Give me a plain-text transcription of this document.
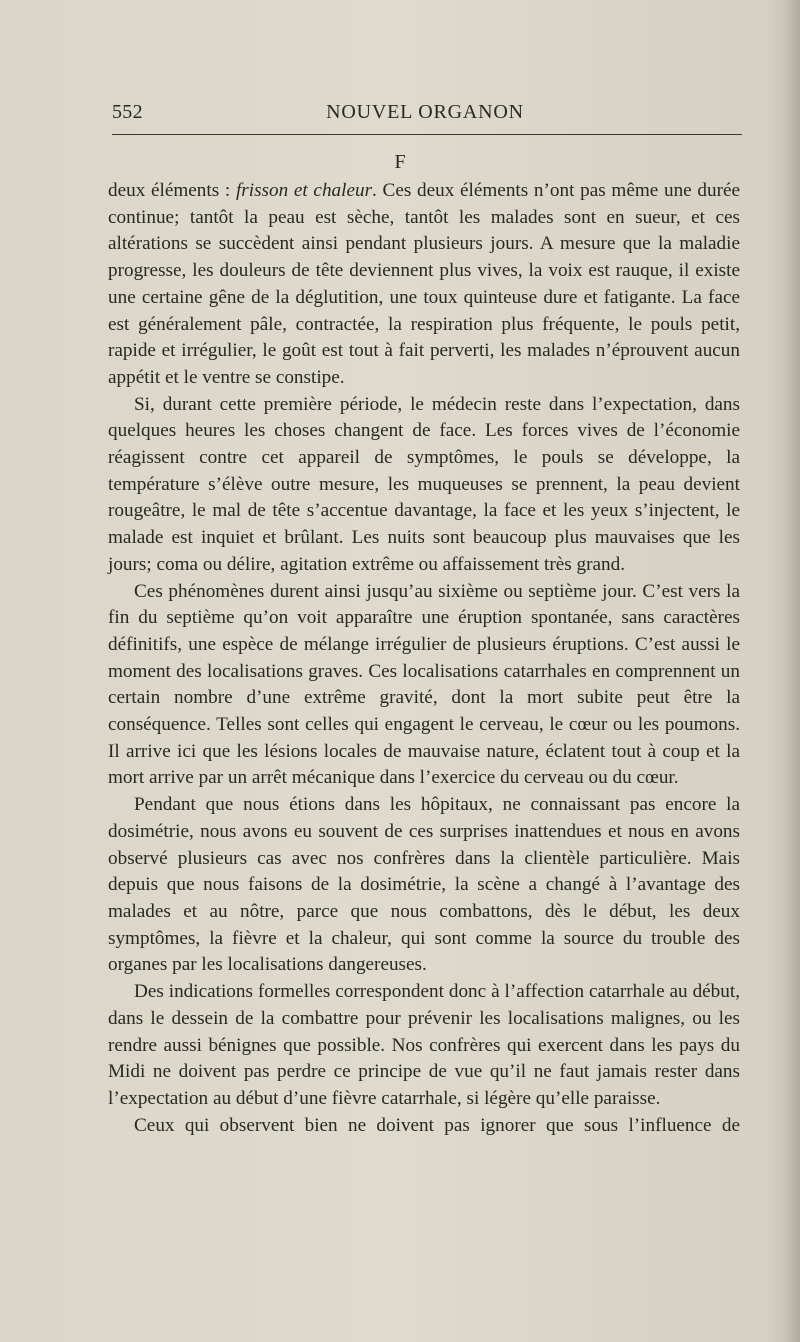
552	NOUVEL ORGANON
F

deux éléments : frisson et chaleur. Ces deux éléments n’ont pas même une durée continue; tantôt la peau est sèche, tantôt les malades sont en sueur, et ces altérations se succèdent ainsi pendant plusieurs jours. A mesure que la maladie progresse, les douleurs de tête deviennent plus vives, la voix est rauque, il existe une certaine gêne de la déglutition, une toux quinteuse dure et fatigante. La face est généralement pâle, contractée, la respiration plus fréquente, le pouls petit, rapide et irrégulier, le goût est tout à fait perverti, les malades n’éprouvent aucun appétit et le ventre se constipe.

Si, durant cette première période, le médecin reste dans l’expectation, dans quelques heures les choses changent de face. Les forces vives de l’économie réagissent contre cet appareil de symptômes, le pouls se développe, la température s’élève outre mesure, les muqueuses se prennent, la peau devient rougeâtre, le mal de tête s’accentue davantage, la face et les yeux s’injectent, le malade est inquiet et brûlant. Les nuits sont beaucoup plus mauvaises que les jours; coma ou délire, agitation extrême ou affaissement très grand.

Ces phénomènes durent ainsi jusqu’au sixième ou septième jour. C’est vers la fin du septième qu’on voit apparaître une éruption spontanée, sans caractères définitifs, une espèce de mélange irrégulier de plusieurs éruptions. C’est aussi le moment des localisations graves. Ces localisations catarrhales en comprennent un certain nombre d’une extrême gravité, dont la mort subite peut être la conséquence. Telles sont celles qui engagent le cerveau, le cœur ou les poumons. Il arrive ici que les lésions locales de mauvaise nature, éclatent tout à coup et la mort arrive par un arrêt mécanique dans l’exercice du cerveau ou du cœur.

Pendant que nous étions dans les hôpitaux, ne connaissant pas encore la dosimétrie, nous avons eu souvent de ces surprises inattendues et nous en avons observé plusieurs cas avec nos confrères dans la clientèle particulière. Mais depuis que nous faisons de la dosimétrie, la scène a changé à l’avantage des malades et au nôtre, parce que nous combattons, dès le début, les deux symptômes, la fièvre et la chaleur, qui sont comme la source du trouble des organes par les localisations dangereuses.

Des indications formelles correspondent donc à l’affection catarrhale au début, dans le dessein de la combattre pour prévenir les localisations malignes, ou les rendre aussi bénignes que possible. Nos confrères qui exercent dans les pays du Midi ne doivent pas perdre ce principe de vue qu’il ne faut jamais rester dans l’expectation au début d’une fièvre catarrhale, si légère qu’elle paraisse.

Ceux qui observent bien ne doivent pas ignorer que sous l’influence de
